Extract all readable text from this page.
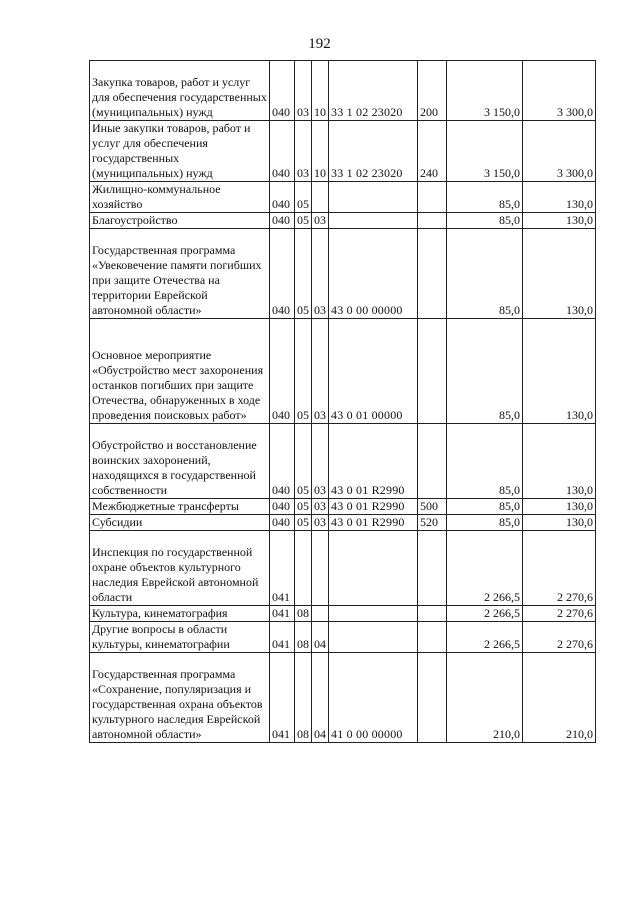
192
Закупка товаров, работ и услуг для обеспечения государственных (муниципальных) нужд	040	03	10	33 1 02 23020	200	3 150,0	3 300,0
Иные закупки товаров, работ и услуг для обеспечения государственных (муниципальных) нужд	040	03	10	33 1 02 23020	240	3 150,0	3 300,0
Жилищно-коммунальное хозяйство	040	05				85,0	130,0
Благоустройство	040	05	03			85,0	130,0
Государственная программа «Увековечение памяти погибших при защите Отечества на территории Еврейской автономной области»	040	05	03	43 0 00 00000		85,0	130,0
Основное мероприятие «Обустройство мест захоронения останков погибших при защите Отечества, обнаруженных в ходе проведения поисковых работ»	040	05	03	43 0 01 00000		85,0	130,0
Обустройство и восстановление воинских захоронений, находящихся в государственной собственности	040	05	03	43 0 01 R2990		85,0	130,0
Межбюджетные трансферты	040	05	03	43 0 01 R2990	500	85,0	130,0
Субсидии	040	05	03	43 0 01 R2990	520	85,0	130,0
Инспекция по государственной охране объектов культурного наследия Еврейской автономной области	041					2 266,5	2 270,6
Культура, кинематография	041	08				2 266,5	2 270,6
Другие вопросы в области культуры, кинематографии	041	08	04			2 266,5	2 270,6
Государственная программа «Сохранение, популяризация и государственная охрана объектов культурного наследия Еврейской автономной области»	041	08	04	41 0 00 00000		210,0	210,0
